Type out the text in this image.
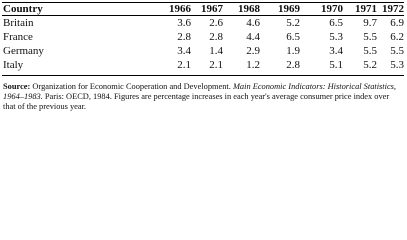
Country	1966 1967	1968	1969	1970	1971 1972
Britain	3.6	2.6	4.6	5.2	6.5	9.7	6.9
France	2.8	2.8	4.4	6.5	5.3	5.5	6.2
Germany	3.4	1.4	2.9	1.9	3.4	5.5	5.5
Italy	2.1	2.1	1.2	2.8	5.1	5.2	5.3
Source: Organization for Economic Cooperation and Development. Main Economic Indicators: Historical Statistics, 1964–1983. Paris: OECD, 1984. Figures are percentage increases in each year's average consumer price index over that of the previous year.
